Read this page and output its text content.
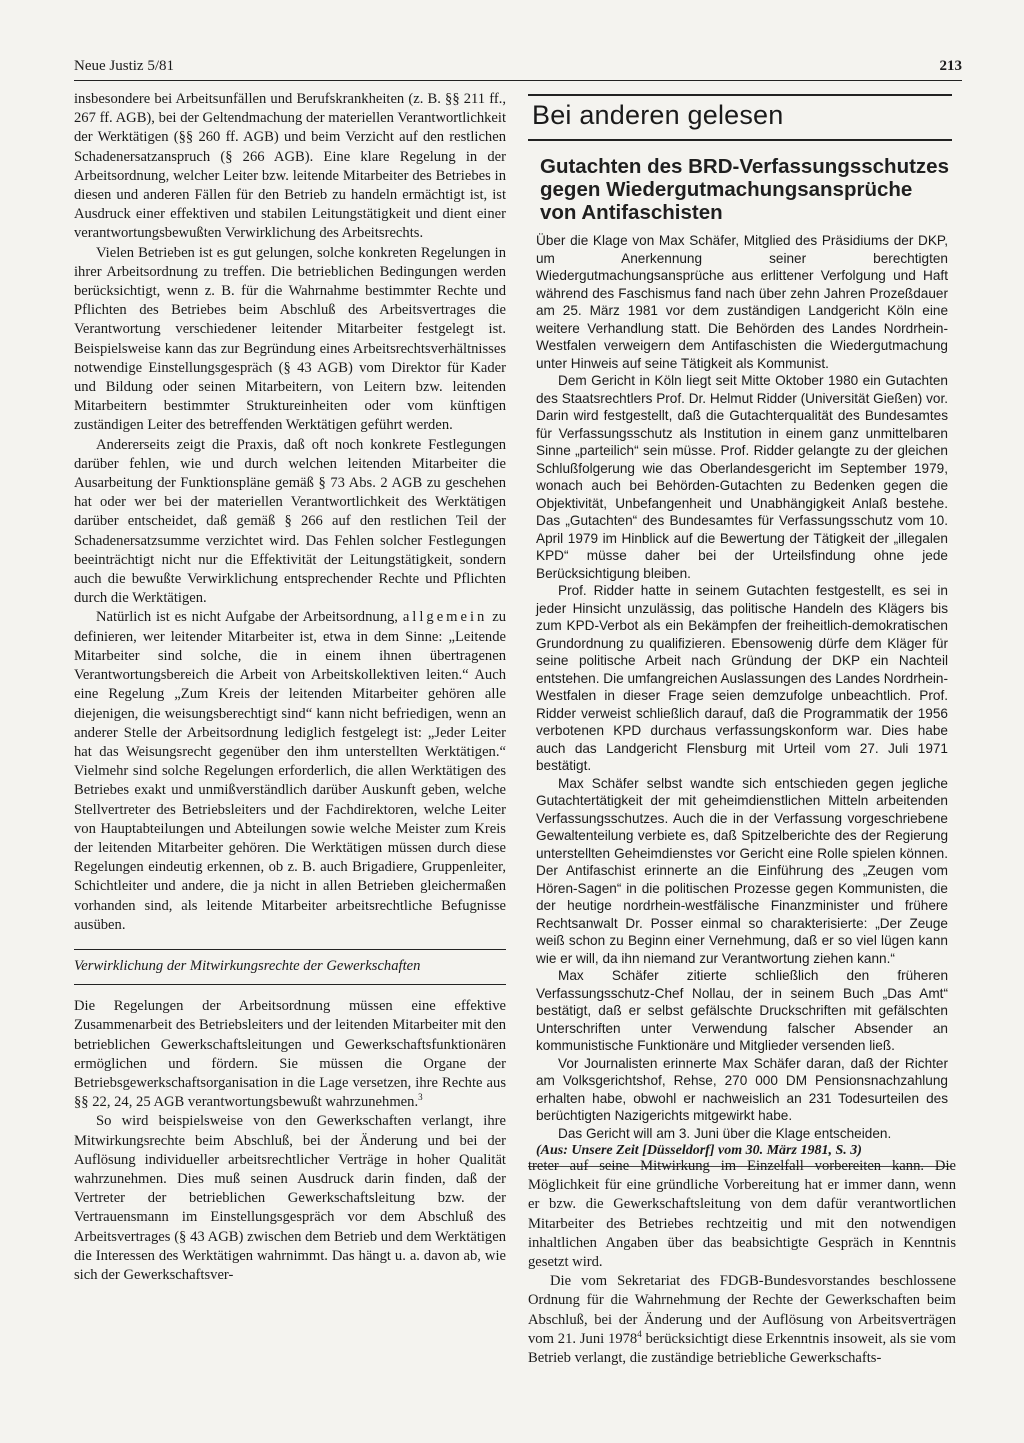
Neue Justiz 5/81	213

insbesondere bei Arbeitsunfällen und Berufskrankheiten (z. B. §§ 211 ff., 267 ff. AGB), bei der Geltendmachung der materiellen Verantwortlichkeit der Werktätigen (§§ 260 ff. AGB) und beim Verzicht auf den restlichen Schadenersatzanspruch (§ 266 AGB). Eine klare Regelung in der Arbeitsordnung, welcher Leiter bzw. leitende Mitarbeiter des Betriebes in diesen und anderen Fällen für den Betrieb zu handeln ermächtigt ist, ist Ausdruck einer effektiven und stabilen Leitungstätigkeit und dient einer verantwortungsbewußten Verwirklichung des Arbeitsrechts.

Vielen Betrieben ist es gut gelungen, solche konkreten Regelungen in ihrer Arbeitsordnung zu treffen. Die betrieblichen Bedingungen werden berücksichtigt, wenn z. B. für die Wahrnahme bestimmter Rechte und Pflichten des Betriebes beim Abschluß des Arbeitsvertrages die Verantwortung verschiedener leitender Mitarbeiter festgelegt ist. Beispielsweise kann das zur Begründung eines Arbeitsrechtsverhältnisses notwendige Einstellungsgespräch (§ 43 AGB) vom Direktor für Kader und Bildung oder seinen Mitarbeitern, von Leitern bzw. leitenden Mitarbeitern bestimmter Struktureinheiten oder vom künftigen zuständigen Leiter des betreffenden Werktätigen geführt werden.

Andererseits zeigt die Praxis, daß oft noch konkrete Festlegungen darüber fehlen, wie und durch welchen leitenden Mitarbeiter die Ausarbeitung der Funktionspläne gemäß § 73 Abs. 2 AGB zu geschehen hat oder wer bei der materiellen Verantwortlichkeit des Werktätigen darüber entscheidet, daß gemäß § 266 auf den restlichen Teil der Schadenersatzsumme verzichtet wird. Das Fehlen solcher Festlegungen beeinträchtigt nicht nur die Effektivität der Leitungstätigkeit, sondern auch die bewußte Verwirklichung entsprechender Rechte und Pflichten durch die Werktätigen.

Natürlich ist es nicht Aufgabe der Arbeitsordnung, allgemein zu definieren, wer leitender Mitarbeiter ist, etwa in dem Sinne: „Leitende Mitarbeiter sind solche, die in einem ihnen übertragenen Verantwortungsbereich die Arbeit von Arbeitskollektiven leiten.“ Auch eine Regelung „Zum Kreis der leitenden Mitarbeiter gehören alle diejenigen, die weisungsberechtigt sind“ kann nicht befriedigen, wenn an anderer Stelle der Arbeitsordnung lediglich festgelegt ist: „Jeder Leiter hat das Weisungsrecht gegenüber den ihm unterstellten Werktätigen.“ Vielmehr sind solche Regelungen erforderlich, die allen Werktätigen des Betriebes exakt und unmißverständlich darüber Auskunft geben, welche Stellvertreter des Betriebsleiters und der Fachdirektoren, welche Leiter von Hauptabteilungen und Abteilungen sowie welche Meister zum Kreis der leitenden Mitarbeiter gehören. Die Werktätigen müssen durch diese Regelungen eindeutig erkennen, ob z. B. auch Brigadiere, Gruppenleiter, Schichtleiter und andere, die ja nicht in allen Betrieben gleichermaßen vorhanden sind, als leitende Mitarbeiter arbeitsrechtliche Befugnisse ausüben.

Verwirklichung der Mitwirkungsrechte der Gewerkschaften

Die Regelungen der Arbeitsordnung müssen eine effektive Zusammenarbeit des Betriebsleiters und der leitenden Mitarbeiter mit den betrieblichen Gewerkschaftsleitungen und Gewerkschaftsfunktionären ermöglichen und fördern. Sie müssen die Organe der Betriebsgewerkschaftsorganisation in die Lage versetzen, ihre Rechte aus §§ 22, 24, 25 AGB verantwortungsbewußt wahrzunehmen.$^3$

So wird beispielsweise von den Gewerkschaften verlangt, ihre Mitwirkungsrechte beim Abschluß, bei der Änderung und bei der Auflösung individueller arbeitsrechtlicher Verträge in hoher Qualität wahrzunehmen. Dies muß seinen Ausdruck darin finden, daß der Vertreter der betrieblichen Gewerkschaftsleitung bzw. der Vertrauensmann im Einstellungsgespräch vor dem Abschluß des Arbeitsvertrages (§ 43 AGB) zwischen dem Betrieb und dem Werktätigen die Interessen des Werktätigen wahrnimmt. Das hängt u. a. davon ab, wie sich der Gewerkschaftsver-

Bei anderen gelesen
Gutachten des BRD-Verfassungsschutzes gegen Wiedergutmachungsansprüche von Antifaschisten

Über die Klage von Max Schäfer, Mitglied des Präsidiums der DKP, um Anerkennung seiner berechtigten Wiedergutmachungsansprüche aus erlittener Verfolgung und Haft während des Faschismus fand nach über zehn Jahren Prozeßdauer am 25. März 1981 vor dem zuständigen Landgericht Köln eine weitere Verhandlung statt. Die Behörden des Landes Nordrhein-Westfalen verweigern dem Antifaschisten die Wiedergutmachung unter Hinweis auf seine Tätigkeit als Kommunist.

Dem Gericht in Köln liegt seit Mitte Oktober 1980 ein Gutachten des Staatsrechtlers Prof. Dr. Helmut Ridder (Universität Gießen) vor. Darin wird festgestellt, daß die Gutachterqualität des Bundesamtes für Verfassungsschutz als Institution in einem ganz unmittelbaren Sinne „parteilich“ sein müsse. Prof. Ridder gelangte zu der gleichen Schlußfolgerung wie das Oberlandesgericht im September 1979, wonach auch bei Behörden-Gutachten zu Bedenken gegen die Objektivität, Unbefangenheit und Unabhängigkeit Anlaß bestehe. Das „Gutachten“ des Bundesamtes für Verfassungsschutz vom 10. April 1979 im Hinblick auf die Bewertung der Tätigkeit der „illegalen KPD“ müsse daher bei der Urteilsfindung ohne jede Berücksichtigung bleiben.

Prof. Ridder hatte in seinem Gutachten festgestellt, es sei in jeder Hinsicht unzulässig, das politische Handeln des Klägers bis zum KPD-Verbot als ein Bekämpfen der freiheitlich-demokratischen Grundordnung zu qualifizieren. Ebensowenig dürfe dem Kläger für seine politische Arbeit nach Gründung der DKP ein Nachteil entstehen. Die umfangreichen Auslassungen des Landes Nordrhein-Westfalen in dieser Frage seien demzufolge unbeachtlich. Prof. Ridder verweist schließlich darauf, daß die Programmatik der 1956 verbotenen KPD durchaus verfassungskonform war. Dies habe auch das Landgericht Flensburg mit Urteil vom 27. Juli 1971 bestätigt.

Max Schäfer selbst wandte sich entschieden gegen jegliche Gutachtertätigkeit der mit geheimdienstlichen Mitteln arbeitenden Verfassungsschutzes. Auch die in der Verfassung vorgeschriebene Gewaltenteilung verbiete es, daß Spitzelberichte des der Regierung unterstellten Geheimdienstes vor Gericht eine Rolle spielen können. Der Antifaschist erinnerte an die Einführung des „Zeugen vom Hören-Sagen“ in die politischen Prozesse gegen Kommunisten, die der heutige nordrhein-westfälische Finanzminister und frühere Rechtsanwalt Dr. Posser einmal so charakterisierte: „Der Zeuge weiß schon zu Beginn einer Vernehmung, daß er so viel lügen kann wie er will, da ihn niemand zur Verantwortung ziehen kann.“

Max Schäfer zitierte schließlich den früheren Verfassungsschutz-Chef Nollau, der in seinem Buch „Das Amt“ bestätigt, daß er selbst gefälschte Druckschriften mit gefälschten Unterschriften unter Verwendung falscher Absender an kommunistische Funktionäre und Mitglieder versenden ließ.

Vor Journalisten erinnerte Max Schäfer daran, daß der Richter am Volksgerichtshof, Rehse, 270 000 DM Pensionsnachzahlung erhalten habe, obwohl er nachweislich an 231 Todesurteilen des berüchtigten Nazigerichts mitgewirkt habe.

Das Gericht will am 3. Juni über die Klage entscheiden.

(Aus: Unsere Zeit [Düsseldorf] vom 30. März 1981, S. 3)

treter auf seine Mitwirkung im Einzelfall vorbereiten kann. Die Möglichkeit für eine gründliche Vorbereitung hat er immer dann, wenn er bzw. die Gewerkschaftsleitung von dem dafür verantwortlichen Mitarbeiter des Betriebes rechtzeitig und mit den notwendigen inhaltlichen Angaben über das beabsichtigte Gespräch in Kenntnis gesetzt wird.

Die vom Sekretariat des FDGB-Bundesvorstandes beschlossene Ordnung für die Wahrnehmung der Rechte der Gewerkschaften beim Abschluß, bei der Änderung und der Auflösung von Arbeitsverträgen vom 21. Juni 1978$^4$ berücksichtigt diese Erkenntnis insoweit, als sie vom Betrieb verlangt, die zuständige betriebliche Gewerkschafts-
